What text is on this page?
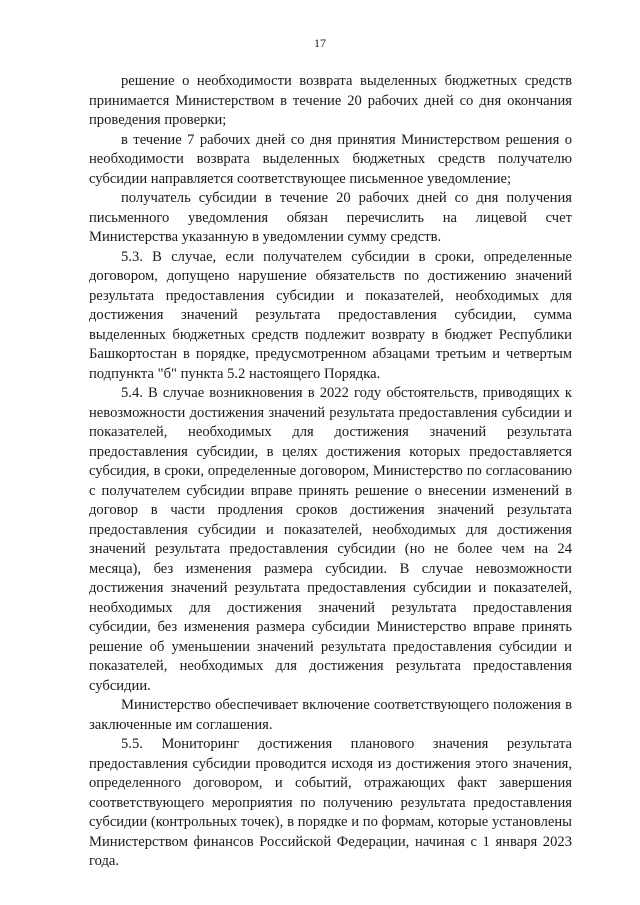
17

решение о необходимости возврата выделенных бюджетных средств принимается Министерством в течение 20 рабочих дней со дня окончания проведения проверки;

в течение 7 рабочих дней со дня принятия Министерством решения о необходимости возврата выделенных бюджетных средств получателю субсидии направляется соответствующее письменное уведомление;

получатель субсидии в течение 20 рабочих дней со дня получения письменного уведомления обязан перечислить на лицевой счет Министерства указанную в уведомлении сумму средств.

5.3. В случае, если получателем субсидии в сроки, определенные договором, допущено нарушение обязательств по достижению значений результата предоставления субсидии и показателей, необходимых для достижения значений результата предоставления субсидии, сумма выделенных бюджетных средств подлежит возврату в бюджет Республики Башкортостан в порядке, предусмотренном абзацами третьим и четвертым подпункта "б" пункта 5.2 настоящего Порядка.

5.4. В случае возникновения в 2022 году обстоятельств, приводящих к невозможности достижения значений результата предоставления субсидии и показателей, необходимых для достижения значений результата предоставления субсидии, в целях достижения которых предоставляется субсидия, в сроки, определенные договором, Министерство по согласованию с получателем субсидии вправе принять решение о внесении изменений в договор в части продления сроков достижения значений результата предоставления субсидии и показателей, необходимых для достижения значений результата предоставления субсидии (но не более чем на 24 месяца), без изменения размера субсидии. В случае невозможности достижения значений результата предоставления субсидии и показателей, необходимых для достижения значений результата предоставления субсидии, без изменения размера субсидии Министерство вправе принять решение об уменьшении значений результата предоставления субсидии и показателей, необходимых для достижения результата предоставления субсидии.

Министерство обеспечивает включение соответствующего положения в заключенные им соглашения.

5.5. Мониторинг достижения планового значения результата предоставления субсидии проводится исходя из достижения этого значения, определенного договором, и событий, отражающих факт завершения соответствующего мероприятия по получению результата предоставления субсидии (контрольных точек), в порядке и по формам, которые установлены Министерством финансов Российской Федерации, начиная с 1 января 2023 года.
